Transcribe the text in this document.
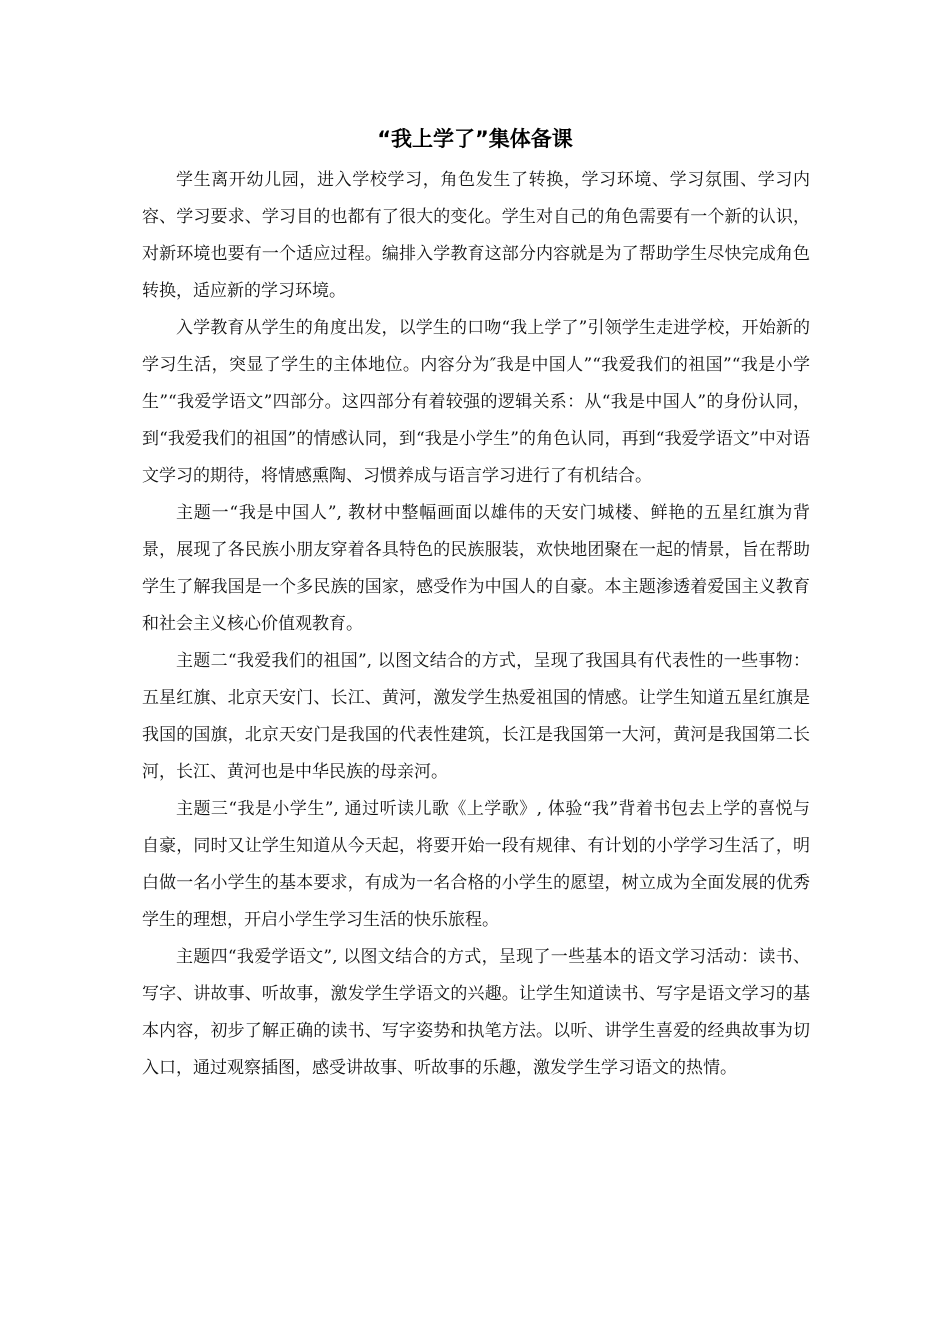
“我上学了”集体备课

学生离开幼儿园，进入学校学习，角色发生了转换，学习环境、学习氛围、学习内容、学习要求、学习目的也都有了很大的变化。学生对自己的角色需要有一个新的认识，对新环境也要有一个适应过程。编排入学教育这部分内容就是为了帮助学生尽快完成角色转换，适应新的学习环境。

入学教育从学生的角度出发，以学生的口吻“我上学了”引领学生走进学校，开始新的学习生活，突显了学生的主体地位。内容分为″我是中国人”“我爱我们的祖国”“我是小学生”“我爱学语文”四部分。这四部分有着较强的逻辑关系：从“我是中国人”的身份认同，到“我爱我们的祖国”的情感认同，到“我是小学生”的角色认同，再到“我爱学语文”中对语文学习的期待，将情感熏陶、习惯养成与语言学习进行了有机结合。

主题一“我是中国人”, 教材中整幅画面以雄伟的天安门城楼、鲜艳的五星红旗为背景，展现了各民族小朋友穿着各具特色的民族服装，欢快地团聚在一起的情景，旨在帮助学生了解我国是一个多民族的国家，感受作为中国人的自豪。本主题渗透着爱国主义教育和社会主义核心价值观教育。

主题二“我爱我们的祖国”, 以图文结合的方式，呈现了我国具有代表性的一些事物：五星红旗、北京天安门、长江、黄河，激发学生热爱祖国的情感。让学生知道五星红旗是我国的国旗，北京天安门是我国的代表性建筑，长江是我国第一大河，黄河是我国第二长河，长江、黄河也是中华民族的母亲河。

主题三“我是小学生”, 通过听读儿歌《上学歌》, 体验“我”背着书包去上学的喜悦与自豪，同时又让学生知道从今天起，将要开始一段有规律、有计划的小学学习生活了，明白做一名小学生的基本要求，有成为一名合格的小学生的愿望，树立成为全面发展的优秀学生的理想，开启小学生学习生活的快乐旅程。

主题四“我爱学语文”, 以图文结合的方式，呈现了一些基本的语文学习活动：读书、写字、讲故事、听故事，激发学生学语文的兴趣。让学生知道读书、写字是语文学习的基本内容，初步了解正确的读书、写字姿势和执笔方法。以听、讲学生喜爱的经典故事为切入口，通过观察插图，感受讲故事、听故事的乐趣，激发学生学习语文的热情。
